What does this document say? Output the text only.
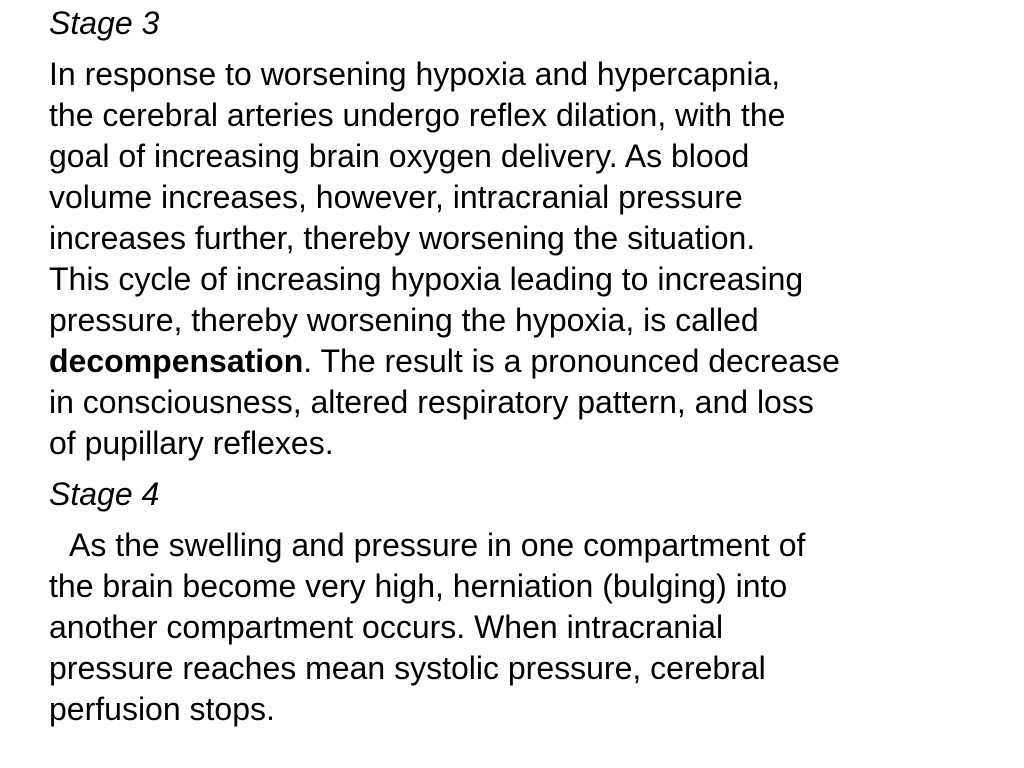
Stage 3

In response to worsening hypoxia and hypercapnia,
the cerebral arteries undergo reflex dilation, with the
goal of increasing brain oxygen delivery. As blood
volume increases, however, intracranial pressure
increases further, thereby worsening the situation.
This cycle of increasing hypoxia leading to increasing
pressure, thereby worsening the hypoxia, is called
decompensation. The result is a pronounced decrease
in consciousness, altered respiratory pattern, and loss
of pupillary reflexes.

Stage 4

As the swelling and pressure in one compartment of
the brain become very high, herniation (bulging) into
another compartment occurs. When intracranial
pressure reaches mean systolic pressure, cerebral
perfusion stops.
